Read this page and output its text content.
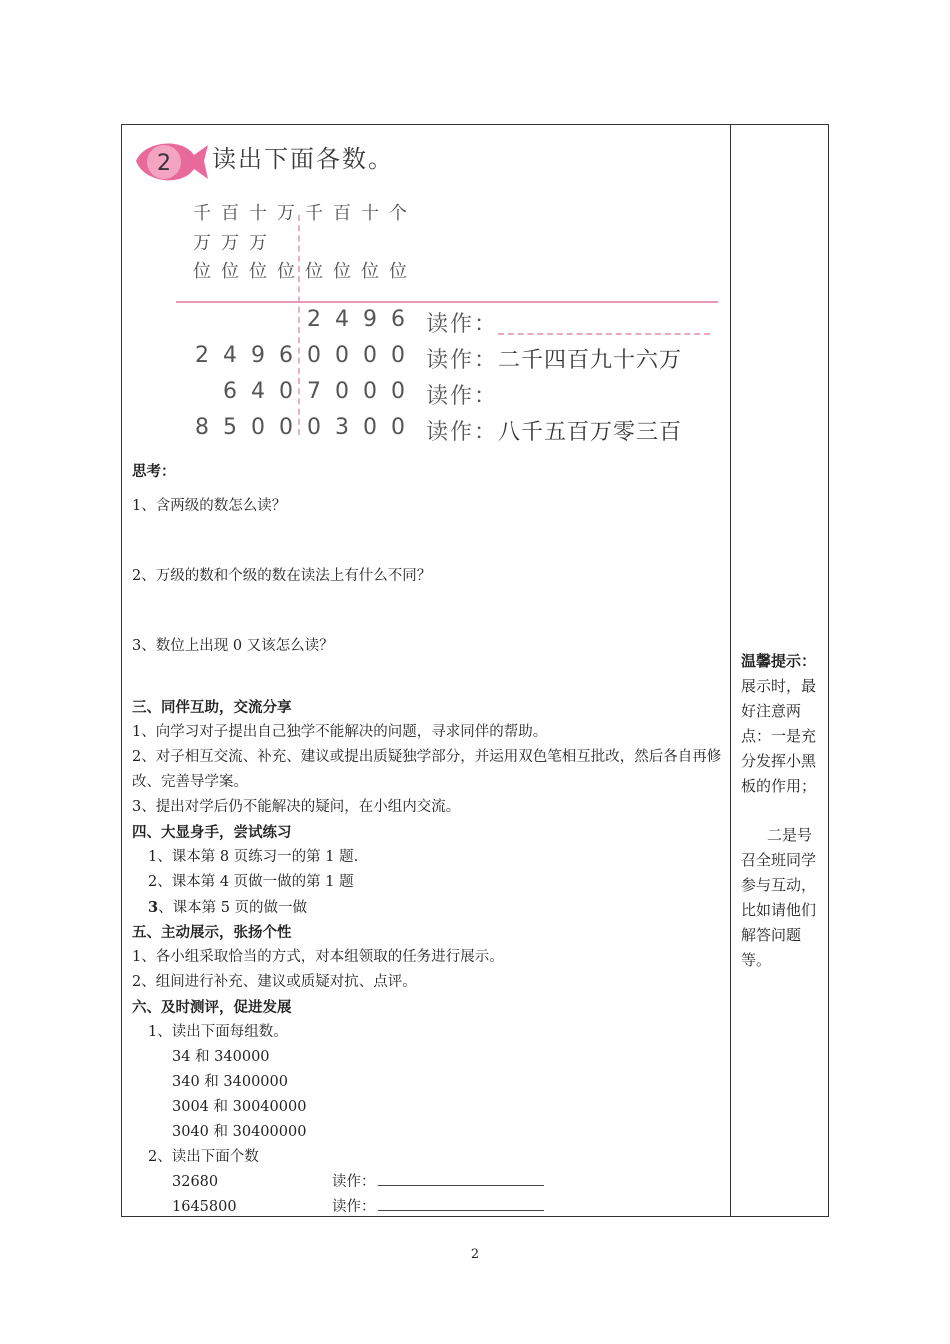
2 读出下面各数。
千 百 十 万 千 百 十 个
万 万 万
位 位 位 位 位 位 位 位
2 4 9 6 读作：
2 4 9 6 0 0 0 0 读作：二千四百九十六万
6 4 0 7 0 0 0 读作：
8 5 0 0 0 3 0 0 读作：八千五百万零三百
思考：
1、含两级的数怎么读？
2、万级的数和个级的数在读法上有什么不同？
3、数位上出现 0 又该怎么读？
三、同伴互助，交流分享
1、向学习对子提出自己独学不能解决的问题，寻求同伴的帮助。
2、对子相互交流、补充、建议或提出质疑独学部分，并运用双色笔相互批改，然后各自再修改、完善导学案。
3、提出对学后仍不能解决的疑问，在小组内交流。
四、大显身手，尝试练习
1、课本第 8 页练习一的第 1 题.
2、课本第 4 页做一做的第 1 题
3、课本第 5 页的做一做
五、主动展示，张扬个性
1、各小组采取恰当的方式，对本组领取的任务进行展示。
2、组间进行补充、建议或质疑对抗、点评。
六、及时测评，促进发展
1、读出下面每组数。
34 和 340000
340 和 3400000
3004 和 30040000
3040 和 30400000
2、读出下面个数
32680	读作：
1645800	读作：
温馨提示：
展示时，最好注意两点：一是充分发挥小黑板的作用；
二是号召全班同学参与互动，比如请他们解答问题等。
2
